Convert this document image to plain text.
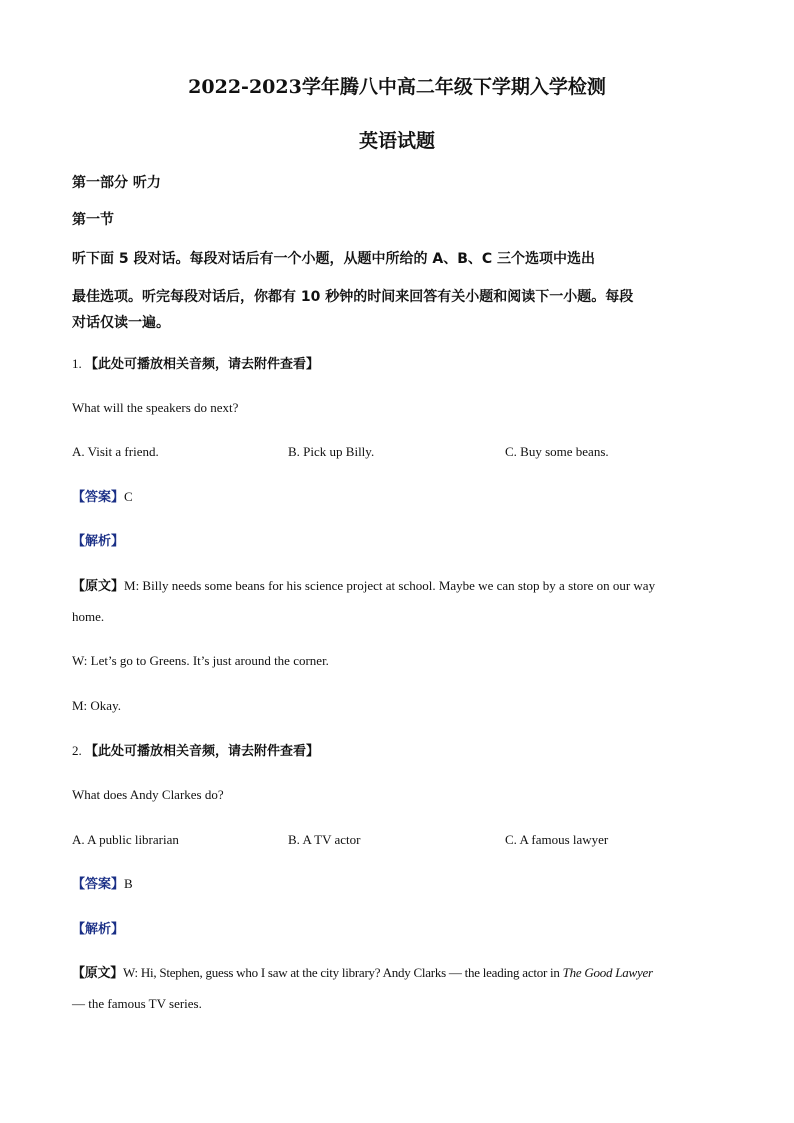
2022-2023学年腾八中高二年级下学期入学检测
英语试题
第一部分 听力
第一节
听下面 5 段对话。每段对话后有一个小题，从题中所给的 A、B、C 三个选项中选出
最佳选项。听完每段对话后，你都有 10 秒钟的时间来回答有关小题和阅读下一小题。每段
对话仅读一遍。
1. 【此处可播放相关音频，请去附件查看】
What will the speakers do next?
A. Visit a friend.	B. Pick up Billy.	C. Buy some beans.
【答案】C
【解析】
【原文】M: Billy needs some beans for his science project at school. Maybe we can stop by a store on our way
home.
W: Let’s go to Greens. It’s just around the corner.
M: Okay.
2. 【此处可播放相关音频，请去附件查看】
What does Andy Clarkes do?
A. A public librarian	B. A TV actor	C. A famous lawyer
【答案】B
【解析】
【原文】W: Hi, Stephen, guess who I saw at the city library? Andy Clarks — the leading actor in The Good Lawyer
— the famous TV series.
